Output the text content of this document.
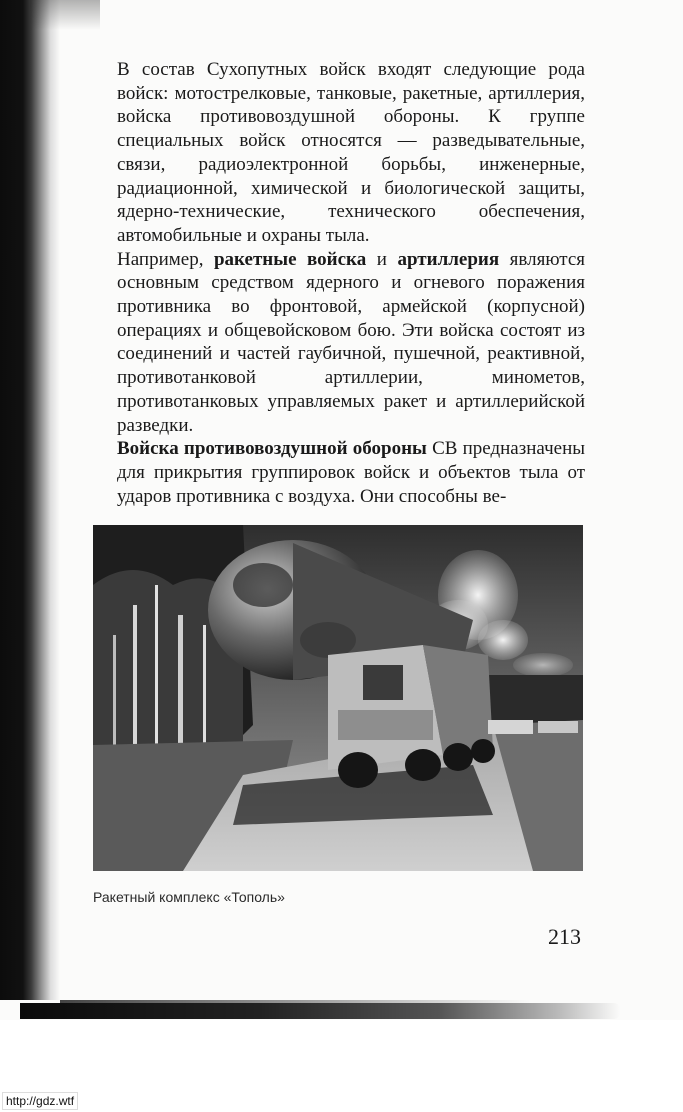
В состав Сухопутных войск входят следующие рода войск: мотострелковые, танковые, ракетные, артиллерия, войска противовоздушной обороны. К группе специальных войск относятся — разведывательные, связи, радиоэлектронной борьбы, инженерные, радиационной, химической и биологической защиты, ядерно-технические, технического обеспечения, автомобильные и охраны тыла.

Например, ракетные войска и артиллерия являются основным средством ядерного и огневого поражения противника во фронтовой, армейской (корпусной) операциях и общевойсковом бою. Эти войска состоят из соединений и частей гаубичной, пушечной, реактивной, противотанковой артиллерии, минометов, противотанковых управляемых ракет и артиллерийской разведки.

Войска противовоздушной обороны СВ предназначены для прикрытия группировок войск и объектов тыла от ударов противника с воздуха. Они способны ве-

Ракетный комплекс «Тополь»
213
http://gdz.wtf
